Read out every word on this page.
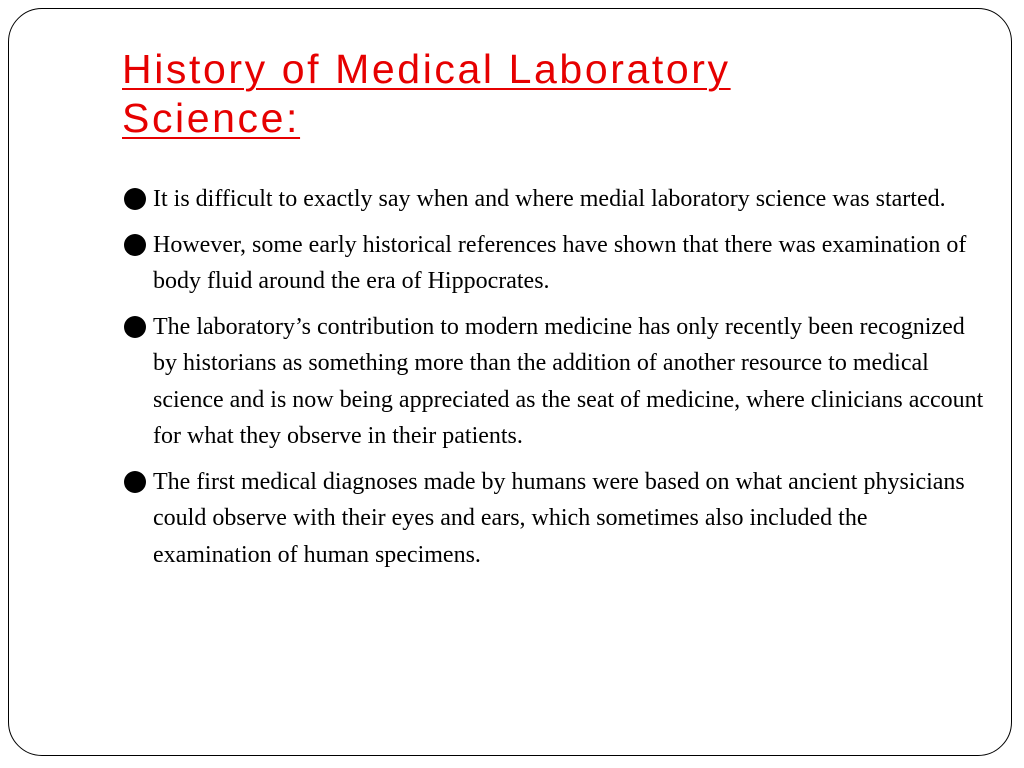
History of Medical Laboratory Science:
It is difficult to exactly say when and where medial laboratory science was started.
However, some early historical references have shown that there was examination of body fluid around the era of Hippocrates.
The laboratory’s contribution to modern medicine has only recently been recognized by historians as something more than the addition of another resource to medical science and is now being appreciated as the seat of medicine, where clinicians account for what they observe in their patients.
The first medical diagnoses made by humans were based on what ancient physicians could observe with their eyes and ears, which sometimes also included the examination of human specimens.
